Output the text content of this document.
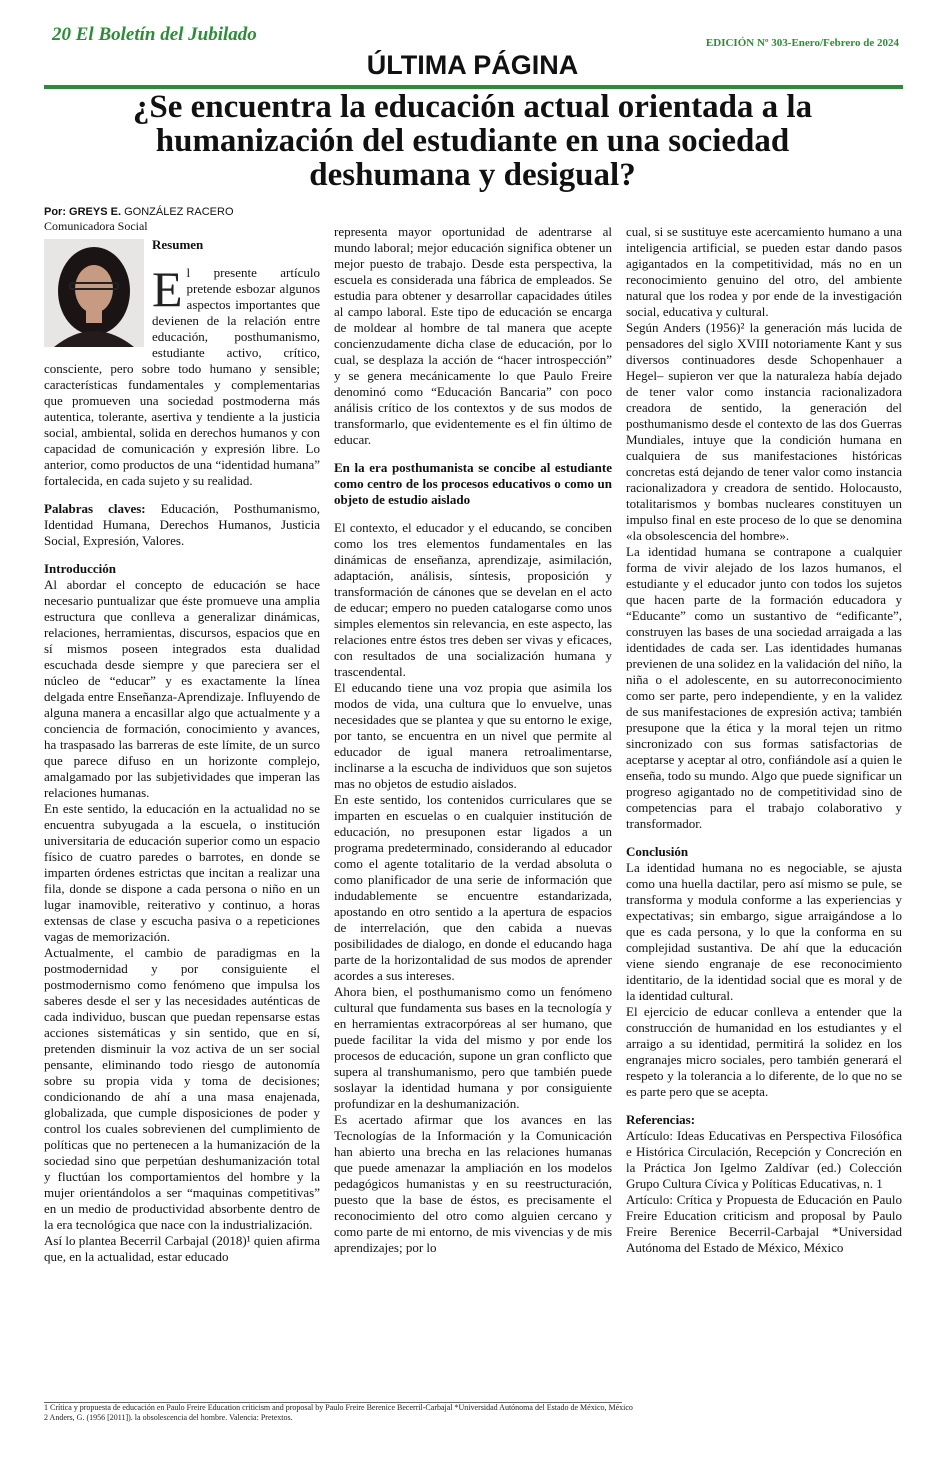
20 El Boletín del Jubilado	EDICIÓN Nº 303-Enero/Febrero de 2024
ÚLTIMA PÁGINA
¿Se encuentra la educación actual orientada a la humanización del estudiante en una sociedad deshumana y desigual?
Por: GREYS E. GONZÁLEZ RACERO
Comunicadora Social
Resumen

El presente artículo pretende esbozar algunos aspectos importantes que devienen de la relación entre educación, posthumanismo, estudiante activo, crítico, consciente, pero sobre todo humano y sensible; características fundamentales y complementarias que promueven una sociedad postmoderna más autentica, tolerante, asertiva y tendiente a la justicia social, ambiental, solida en derechos humanos y con capacidad de comunicación y expresión libre. Lo anterior, como productos de una “identidad humana” fortalecida, en cada sujeto y su realidad.

Palabras claves: Educación, Posthumanismo, Identidad Humana, Derechos Humanos, Justicia Social, Expresión, Valores.

Introducción

Al abordar el concepto de educación se hace necesario puntualizar que éste promueve una amplia estructura que conlleva a generalizar dinámicas, relaciones, herramientas, discursos, espacios que en sí mismos poseen integrados esta dualidad escuchada desde siempre y que pareciera ser el núcleo de “educar” y es exactamente la línea delgada entre Enseñanza-Aprendizaje. Influyendo de alguna manera a encasillar algo que actualmente y a conciencia de formación, conocimiento y avances, ha traspasado las barreras de este límite, de un surco que parece difuso en un horizonte complejo, amalgamado por las subjetividades que imperan las relaciones humanas.

En este sentido, la educación en la actualidad no se encuentra subyugada a la escuela, o institución universitaria de educación superior como un espacio físico de cuatro paredes o barrotes, en donde se imparten órdenes estrictas que incitan a realizar una fila, donde se dispone a cada persona o niño en un lugar inamovible, reiterativo y continuo, a horas extensas de clase y escucha pasiva o a repeticiones vagas de memorización.

Actualmente, el cambio de paradigmas en la postmodernidad y por consiguiente el postmodernismo como fenómeno que impulsa los saberes desde el ser y las necesidades auténticas de cada individuo, buscan que puedan repensarse estas acciones sistemáticas y sin sentido, que en sí, pretenden disminuir la voz activa de un ser social pensante, eliminando todo riesgo de autonomía sobre su propia vida y toma de decisiones; condicionando de ahí a una masa enajenada, globalizada, que cumple disposiciones de poder y control los cuales sobrevienen del cumplimiento de políticas que no pertenecen a la humanización de la sociedad sino que perpetúan deshumanización total y fluctúan los comportamientos del hombre y la mujer orientándolos a ser “maquinas competitivas” en un medio de productividad absorbente dentro de la era tecnológica que nace con la industrialización.

Así lo plantea Becerril Carbajal (2018)¹ quien afirma que, en la actualidad, estar educado

representa mayor oportunidad de adentrarse al mundo laboral; mejor educación significa obtener un mejor puesto de trabajo. Desde esta perspectiva, la escuela es considerada una fábrica de empleados. Se estudia para obtener y desarrollar capacidades útiles al campo laboral. Este tipo de educación se encarga de moldear al hombre de tal manera que acepte concienzudamente dicha clase de educación, por lo cual, se desplaza la acción de “hacer introspección” y se genera mecánicamente lo que Paulo Freire denominó como “Educación Bancaria” con poco análisis crítico de los contextos y de sus modos de transformarlo, que evidentemente es el fin último de educar.

En la era posthumanista se concibe al estudiante como centro de los procesos educativos o como un objeto de estudio aislado

El contexto, el educador y el educando, se conciben como los tres elementos fundamentales en las dinámicas de enseñanza, aprendizaje, asimilación, adaptación, análisis, síntesis, proposición y transformación de cánones que se develan en el acto de educar; empero no pueden catalogarse como unos simples elementos sin relevancia, en este aspecto, las relaciones entre éstos tres deben ser vivas y eficaces, con resultados de una socialización humana y trascendental.

El educando tiene una voz propia que asimila los modos de vida, una cultura que lo envuelve, unas necesidades que se plantea y que su entorno le exige, por tanto, se encuentra en un nivel que permite al educador de igual manera retroalimentarse, inclinarse a la escucha de individuos que son sujetos mas no objetos de estudio aislados.

En este sentido, los contenidos curriculares que se imparten en escuelas o en cualquier institución de educación, no presuponen estar ligados a un programa predeterminado, considerando al educador como el agente totalitario de la verdad absoluta o como planificador de una serie de información que indudablemente se encuentre estandarizada, apostando en otro sentido a la apertura de espacios de interrelación, que den cabida a nuevas posibilidades de dialogo, en donde el educando haga parte de la horizontalidad de sus modos de aprender acordes a sus intereses.

Ahora bien, el posthumanismo como un fenómeno cultural que fundamenta sus bases en la tecnología y en herramientas extracorpóreas al ser humano, que puede facilitar la vida del mismo y por ende los procesos de educación, supone un gran conflicto que supera al transhumanismo, pero que también puede soslayar la identidad humana y por consiguiente profundizar en la deshumanización.

Es acertado afirmar que los avances en las Tecnologías de la Información y la Comunicación han abierto una brecha en las relaciones humanas que puede amenazar la ampliación en los modelos pedagógicos humanistas y en su reestructuración, puesto que la base de éstos, es precisamente el reconocimiento del otro como alguien cercano y como parte de mi entorno, de mis vivencias y de mis aprendizajes; por lo

cual, si se sustituye este acercamiento humano a una inteligencia artificial, se pueden estar dando pasos agigantados en la competitividad, más no en un reconocimiento genuino del otro, del ambiente natural que los rodea y por ende de la investigación social, educativa y cultural.

Según Anders (1956)² la generación más lucida de pensadores del siglo XVIII notoriamente Kant y sus diversos continuadores desde Schopenhauer a Hegel– supieron ver que la naturaleza había dejado de tener valor como instancia racionalizadora creadora de sentido, la generación del posthumanismo desde el contexto de las dos Guerras Mundiales, intuye que la condición humana en cualquiera de sus manifestaciones históricas concretas está dejando de tener valor como instancia racionalizadora y creadora de sentido. Holocausto, totalitarismos y bombas nucleares constituyen un impulso final en este proceso de lo que se denomina «la obsolescencia del hombre».

La identidad humana se contrapone a cualquier forma de vivir alejado de los lazos humanos, el estudiante y el educador junto con todos los sujetos que hacen parte de la formación educadora y “Educante” como un sustantivo de “edificante”, construyen las bases de una sociedad arraigada a las identidades de cada ser. Las identidades humanas previenen de una solidez en la validación del niño, la niña o el adolescente, en su autorreconocimiento como ser parte, pero independiente, y en la validez de sus manifestaciones de expresión activa; también presupone que la ética y la moral tejen un ritmo sincronizado con sus formas satisfactorias de aceptarse y aceptar al otro, confiándole así a quien le enseña, todo su mundo. Algo que puede significar un progreso agigantado no de competitividad sino de competencias para el trabajo colaborativo y transformador.

Conclusión

La identidad humana no es negociable, se ajusta como una huella dactilar, pero así mismo se pule, se transforma y modula conforme a las experiencias y expectativas; sin embargo, sigue arraigándose a lo que es cada persona, y lo que la conforma en su complejidad sustantiva. De ahí que la educación viene siendo engranaje de ese reconocimiento identitario, de la identidad social que es moral y de la identidad cultural.

El ejercicio de educar conlleva a entender que la construcción de humanidad en los estudiantes y el arraigo a su identidad, permitirá la solidez en los engranajes micro sociales, pero también generará el respeto y la tolerancia a lo diferente, de lo que no se es parte pero que se acepta.

Referencias:

Artículo: Ideas Educativas en Perspectiva Filosófica e Histórica Circulación, Recepción y Concreción en la Práctica Jon Igelmo Zaldívar (ed.) Colección Grupo Cultura Cívica y Políticas Educativas, n. 1

Artículo: Crítica y Propuesta de Educación en Paulo Freire Education criticism and proposal by Paulo Freire Berenice Becerril-Carbajal *Universidad Autónoma del Estado de México, México

1 Crítica y propuesta de educación en Paulo Freire Education criticism and proposal by Paulo Freire Berenice Becerril-Carbajal *Universidad Autónoma del Estado de México, México
2 Anders, G. (1956 [2011]). la obsolescencia del hombre. Valencia: Pretextos.
